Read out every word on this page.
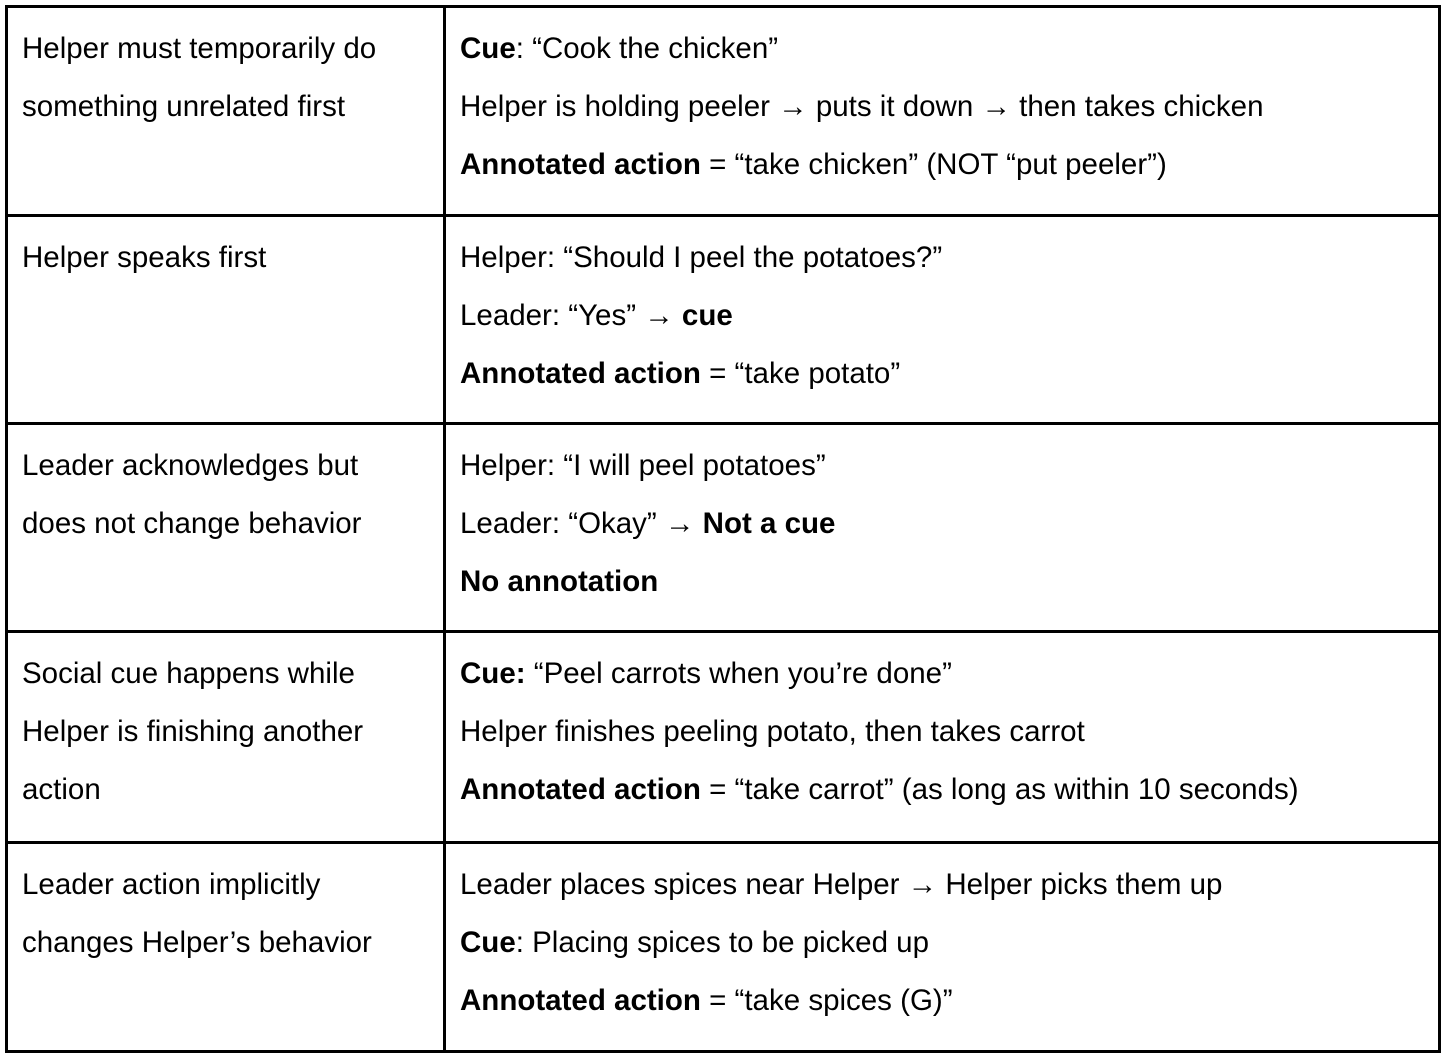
Helper must temporarily do something unrelated first	Cue: “Cook the chicken”
Helper is holding peeler → puts it down → then takes chicken
Annotated action = “take chicken” (NOT “put peeler”)

Helper speaks first	Helper: “Should I peel the potatoes?”
Leader: “Yes” → cue
Annotated action = “take potato”

Leader acknowledges but does not change behavior	Helper: “I will peel potatoes”
Leader: “Okay” → Not a cue
No annotation

Social cue happens while Helper is finishing another action	Cue: “Peel carrots when you’re done”
Helper finishes peeling potato, then takes carrot
Annotated action = “take carrot” (as long as within 10 seconds)

Leader action implicitly changes Helper’s behavior	Leader places spices near Helper → Helper picks them up
Cue: Placing spices to be picked up
Annotated action = “take spices (G)”
